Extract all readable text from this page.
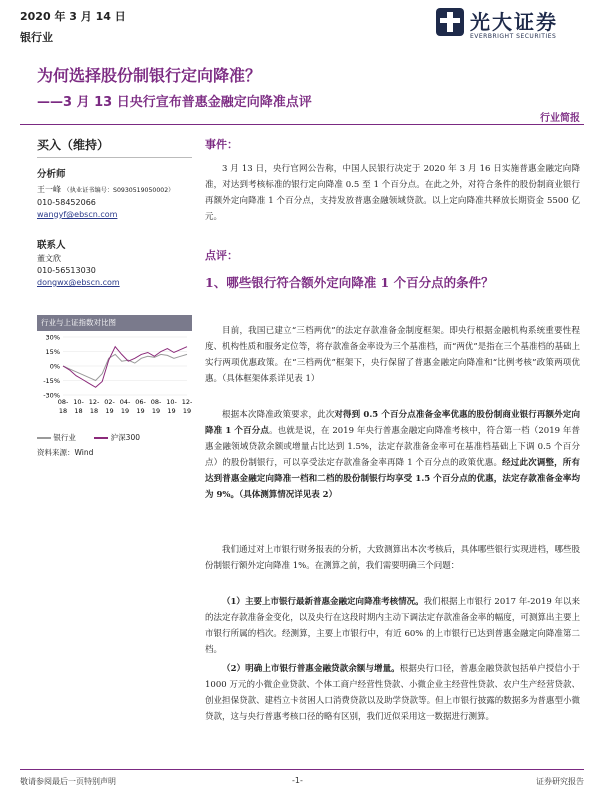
2020 年 3 月 14 日
银行业
光大证券
EVERBRIGHT SECURITIES
为何选择股份制银行定向降准？
——3 月 13 日央行宣布普惠金融定向降准点评
行业简报
买入（维持）
分析师
王一峰 （执业证书编号：S0930519050002）
010-58452066
wangyf@ebscn.com
联系人
董文欣
010-56513030
dongwx@ebscn.com
行业与上证指数对比图
30%
15%
0%
-15%
-30%
08-
18
10-
18
12-
18
02-
19
04-
19
06-
19
08-
19
10-
19
12-
19
银行业	沪深300
资料来源：Wind
事件：
3 月 13 日，央行官网公告称，中国人民银行决定于 2020 年 3 月 16 日实施普惠金融定向降准，对达到考核标准的银行定向降准 0.5 至 1 个百分点。在此之外，对符合条件的股份制商业银行再额外定向降准 1 个百分点，支持发放普惠金融领域贷款。以上定向降准共释放长期资金 5500 亿元。
点评：
1、哪些银行符合额外定向降准 1 个百分点的条件？
目前，我国已建立“三档两优”的法定存款准备金制度框架。即央行根据金融机构系统重要性程度、机构性质和服务定位等，将存款准备金率设为三个基准档，而“两优”是指在三个基准档的基础上实行两项优惠政策。在“三档两优”框架下，央行保留了普惠金融定向降准和“比例考核”政策两项优惠。（具体框架体系详见表 1）
根据本次降准政策要求，此次对得到 0.5 个百分点准备金率优惠的股份制商业银行再额外定向降准 1 个百分点。也就是说，在 2019 年央行普惠金融定向降准考核中，符合第一档（2019 年普惠金融领域贷款余额或增量占比达到 1.5%，法定存款准备金率可在基准档基础上下调 0.5 个百分点）的股份制银行，可以享受法定存款准备金率再降 1 个百分点的政策优惠。经过此次调整，所有达到普惠金融定向降准一档和二档的股份制银行均享受 1.5 个百分点的优惠，法定存款准备金率均为 9%。（具体测算情况详见表 2）
我们通过对上市银行财务报表的分析，大致测算出本次考核后，具体哪些银行实现进档，哪些股份制银行额外定向降准 1%。在测算之前，我们需要明确三个问题：
（1）主要上市银行最新普惠金融定向降准考核情况。我们根据上市银行 2017 年-2019 年以来的法定存款准备金变化，以及央行在这段时期内主动下调法定存款准备金率的幅度，可测算出主要上市银行所属的档次。经测算，主要上市银行中，有近 60% 的上市银行已达到普惠金融定向降准第二档。
（2）明确上市银行普惠金融贷款余额与增量。根据央行口径，普惠金融贷款包括单户授信小于 1000 万元的小微企业贷款、个体工商户经营性贷款、小微企业主经营性贷款、农户生产经营贷款、创业担保贷款、建档立卡贫困人口消费贷款以及助学贷款等。但上市银行披露的数据多为普惠型小微贷款，这与央行普惠考核口径的略有区别，我们近似采用这一数据进行测算。
敬请参阅最后一页特别声明	-1-	证券研究报告
